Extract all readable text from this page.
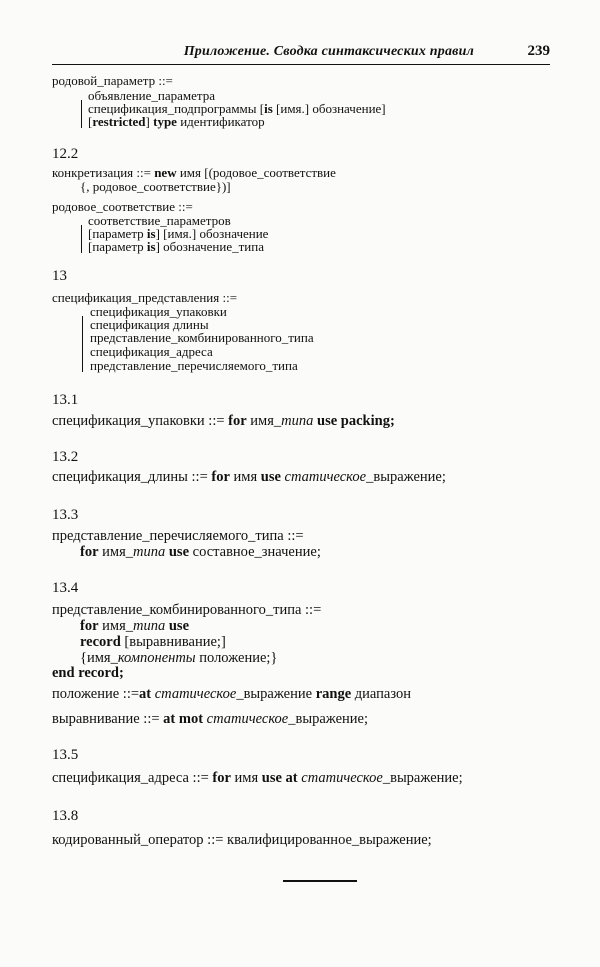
Приложение. Сводка синтаксических правил	239
родовой_параметр ::=
объявление_параметра
спецификация_подпрограммы [is [имя.] обозначение]
[restricted] type идентификатор
12.2
конкретизация ::= new имя [(родовое_соответствие
{, родовое_соответствие})]
родовое_соответствие ::=
соответствие_параметров
[параметр is] [имя.] обозначение
[параметр is] обозначение_типа
13
спецификация_представления ::=
спецификация_упаковки
спецификация длины
представление_комбинированного_типа
спецификация_адреса
представление_перечисляемого_типа
13.1
спецификация_упаковки ::= for имя_типа use packing;
13.2
спецификация_длины ::= for имя use статическое_выражение;
13.3
представление_перечисляемого_типа ::=
for имя_типа use составное_значение;
13.4
представление_комбинированного_типа ::=
for имя_типа use
record [выравнивание;]
{имя_компоненты положение;}
end record;
положение ::=at статическое_выражение range диапазон
выравнивание ::= at mot статическое_выражение;
13.5
спецификация_адреса ::= for имя use at статическое_выражение;
13.8
кодированный_оператор ::= квалифицированное_выражение;
